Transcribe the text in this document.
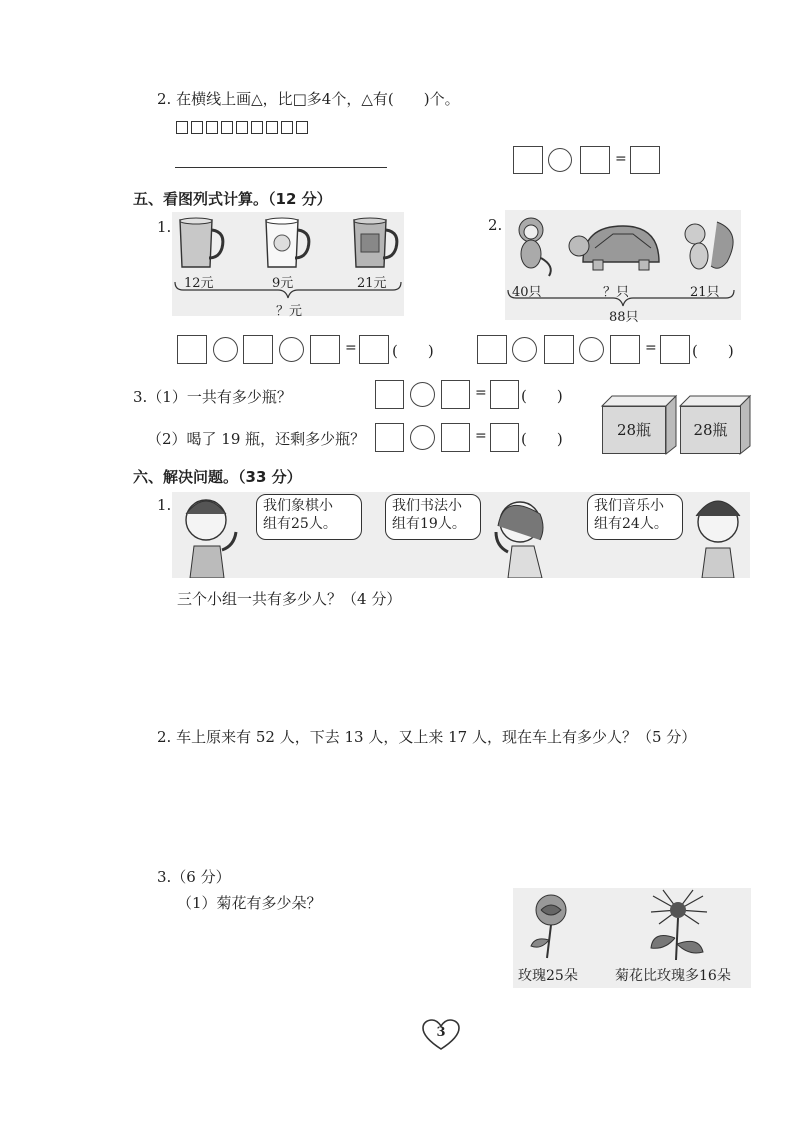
2. 在横线上画△，比□多4个，△有(　　)个。
=
五、看图列式计算。（12 分）
1.
12元	9元	21元
？元
2.
40只	？只	21只
88只
= (　　)	= (　　)
3.（1）一共有多少瓶？	= (　　)
（2）喝了 19 瓶，还剩多少瓶？	= (　　)	28瓶	28瓶
六、解决问题。（33 分）
1.	我们象棋小
组有25人。
我们书法小
组有19人。
我们音乐小
组有24人。
三个小组一共有多少人？（4 分）
2. 车上原来有 52 人，下去 13 人，又上来 17 人，现在车上有多少人？（5 分）
3.（6 分）
（1）菊花有多少朵？
玫瑰25朵	菊花比玫瑰多16朵
3
